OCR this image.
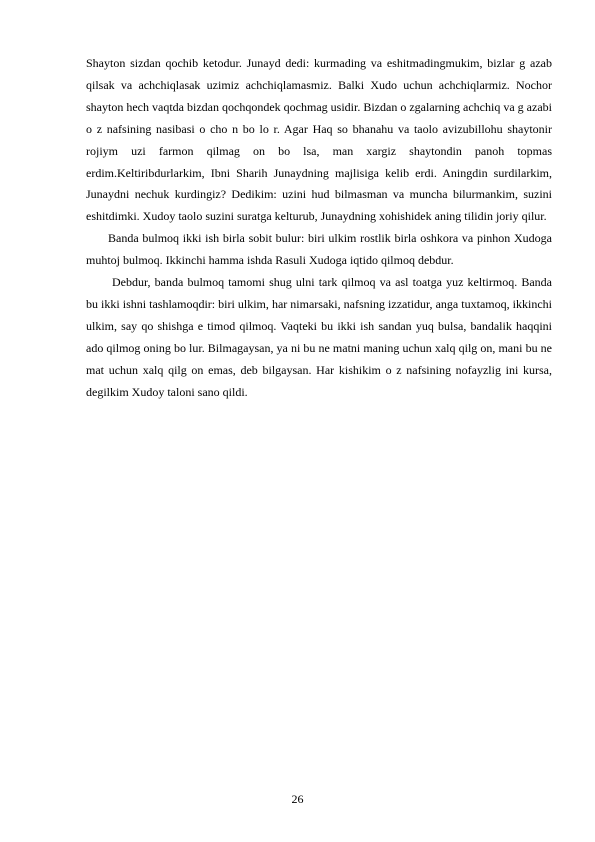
Shayton sizdan qochib ketodur. Junayd dedi: kurmading va eshitmadingmukim, bizlar g azab qilsak va achchiqlasak uzimiz achchiqlamasmiz. Balki Xudo uchun achchiqlarmiz. Nochor shayton hech vaqtda bizdan qochqondek qochmag usidir. Bizdan o zgalarning achchiq va g azabi o z nafsining nasibasi o cho n bo lo r. Agar Haq so bhanahu va taolo avizubillohu shaytonir rojiym uzi farmon qilmag on bo lsa, man xargiz shaytondin panoh topmas erdim.Keltiribdurlarkim, Ibni Sharih Junaydning majlisiga kelib erdi. Aningdin surdilarkim, Junaydni nechuk kurdingiz? Dedikim: uzini hud bilmasman va muncha bilurmankim, suzini eshitdimki. Xudoy taolo suzini suratga kelturub, Junaydning xohishidek aning tilidin joriy qilur.

Banda bulmoq ikki ish birla sobit bulur: biri ulkim rostlik birla oshkora va pinhon Xudoga muhtoj bulmoq. Ikkinchi hamma ishda Rasuli Xudoga iqtido qilmoq debdur.

Debdur, banda bulmoq tamomi shug ulni tark qilmoq va asl toatga yuz keltirmoq. Banda bu ikki ishni tashlamoqdir: biri ulkim, har nimarsaki, nafsning izzatidur, anga tuxtamoq, ikkinchi ulkim, say qo shishga e timod qilmoq. Vaqteki bu ikki ish sandan yuq bulsa, bandalik haqqini ado qilmog oning bo lur. Bilmagaysan, ya ni bu ne matni maning uchun xalq qilg on, mani bu ne mat uchun xalq qilg on emas, deb bilgaysan. Har kishikim o z nafsining nofayzlig ini kursa, degilkim Xudoy taloni sano qildi.

26
